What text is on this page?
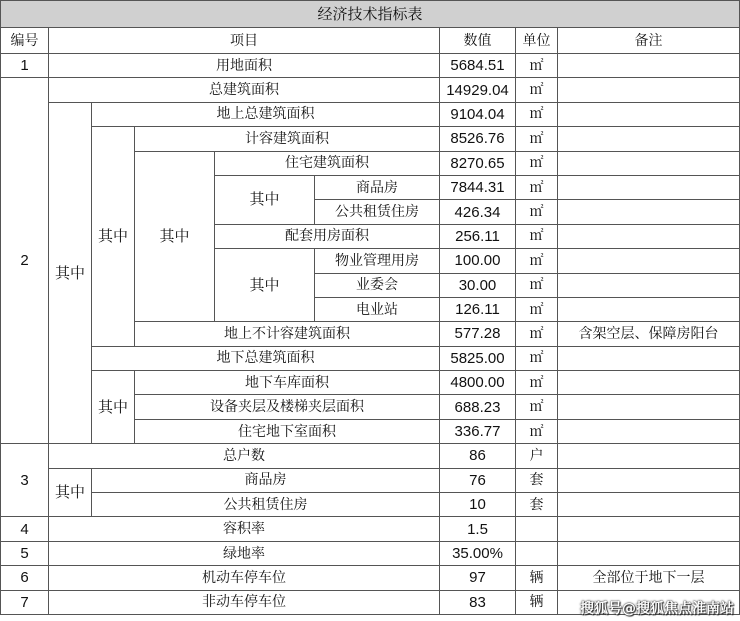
经济技术指标表								
编号	项目					数值	单位	备注
1	用地面积					5684.51	㎡	
2	总建筑面积					14929.04	㎡	
	其中	地上总建筑面积				9104.04	㎡	
		其中	计容建筑面积			8526.76	㎡	
			其中	住宅建筑面积		8270.65	㎡	
				其中	商品房	7844.31	㎡	
					公共租赁住房	426.34	㎡	
				配套用房面积		256.11	㎡	
				其中	物业管理用房	100.00	㎡	
					业委会	30.00	㎡	
					电业站	126.11	㎡	
			地上不计容建筑面积			577.28	㎡	含架空层、保障房阳台
		地下总建筑面积				5825.00	㎡	
		其中	地下车库面积			4800.00	㎡	
			设备夹层及楼梯夹层面积			688.23	㎡	
			住宅地下室面积			336.77	㎡	
3	总户数					86	户	
	其中	商品房				76	套	
		公共租赁住房				10	套	
4	容积率					1.5		
5	绿地率					35.00%		
6	机动车停车位					97	辆	全部位于地下一层
7	非动车停车位					83	辆		搜狐号@搜狐焦点淮南站
